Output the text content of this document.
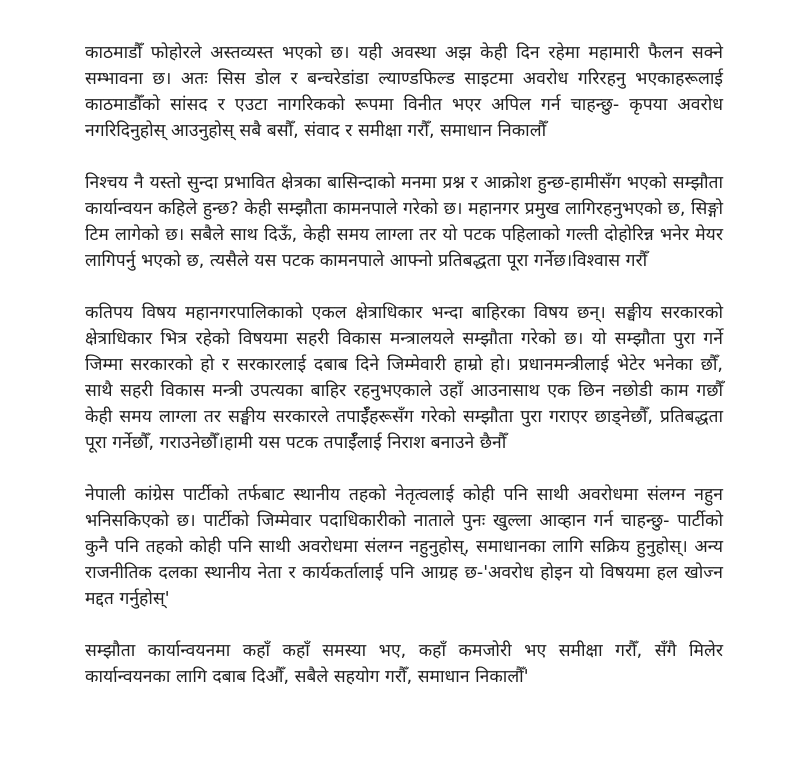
काठमाडौँ फोहोरले अस्तव्यस्त भएको छ। यही अवस्था अझ केही दिन रहेमा महामारी फैलन सक्ने सम्भावना छ। अतः सिस डोल र बन्चरेडांडा ल्याण्डफिल्ड साइटमा अवरोध गरिरहनु भएकाहरूलाई काठमाडौँको सांसद र एउटा नागरिकको रूपमा विनीत भएर अपिल गर्न चाहन्छु- कृपया अवरोध नगरिदिनुहोस् आउनुहोस् सबै बसौँ, संवाद र समीक्षा गरौँ, समाधान निकालौँ

निश्चय नै यस्तो सुन्दा प्रभावित क्षेत्रका बासिन्दाको मनमा प्रश्न र आक्रोश हुन्छ-हामीसँग भएको सम्झौता कार्यान्वयन कहिले हुन्छ? केही सम्झौता कामनपाले गरेको छ। महानगर प्रमुख लागिरहनुभएको छ, सिङ्गो टिम लागेको छ। सबैले साथ दिऊँ, केही समय लाग्ला तर यो पटक पहिलाको गल्ती दोहोरिन्न भनेर मेयर लागिपर्नु भएको छ, त्यसैले यस पटक कामनपाले आफ्नो प्रतिबद्धता पूरा गर्नेछ।विश्वास गरौँ

कतिपय विषय महानगरपालिकाको एकल क्षेत्राधिकार भन्दा बाहिरका विषय छन्। सङ्घीय सरकारको क्षेत्राधिकार भित्र रहेको विषयमा सहरी विकास मन्त्रालयले सम्झौता गरेको छ। यो सम्झौता पुरा गर्ने जिम्मा सरकारको हो र सरकारलाई दबाब दिने जिम्मेवारी हाम्रो हो। प्रधानमन्त्रीलाई भेटेर भनेका छौँ, साथै सहरी विकास मन्त्री उपत्यका बाहिर रहनुभएकाले उहाँ आउनासाथ एक छिन नछोडी काम गछौँ केही समय लाग्ला तर सङ्घीय सरकारले तपाईँहरूसँग गरेको सम्झौता पुरा गराएर छाड्नेछौँ, प्रतिबद्धता पूरा गर्नेछौँ, गराउनेछौँ।हामी यस पटक तपाईँलाई निराश बनाउने छैनौँ

नेपाली कांग्रेस पार्टीको तर्फबाट स्थानीय तहको नेतृत्वलाई कोही पनि साथी अवरोधमा संलग्न नहुन भनिसकिएको छ। पार्टीको जिम्मेवार पदाधिकारीको नाताले पुनः खुल्ला आव्हान गर्न चाहन्छु- पार्टीको कुनै पनि तहको कोही पनि साथी अवरोधमा संलग्न नहुनुहोस्, समाधानका लागि सक्रिय हुनुहोस्। अन्य राजनीतिक दलका स्थानीय नेता र कार्यकर्तालाई पनि आग्रह छ-'अवरोध होइन यो विषयमा हल खोज्न मद्दत गर्नुहोस्'

सम्झौता कार्यान्वयनमा कहाँ कहाँ समस्या भए, कहाँ कमजोरी भए समीक्षा गरौँ, सँगै मिलेर कार्यान्वयनका लागि दबाब दिऔँ, सबैले सहयोग गरौँ, समाधान निकालौँ'
